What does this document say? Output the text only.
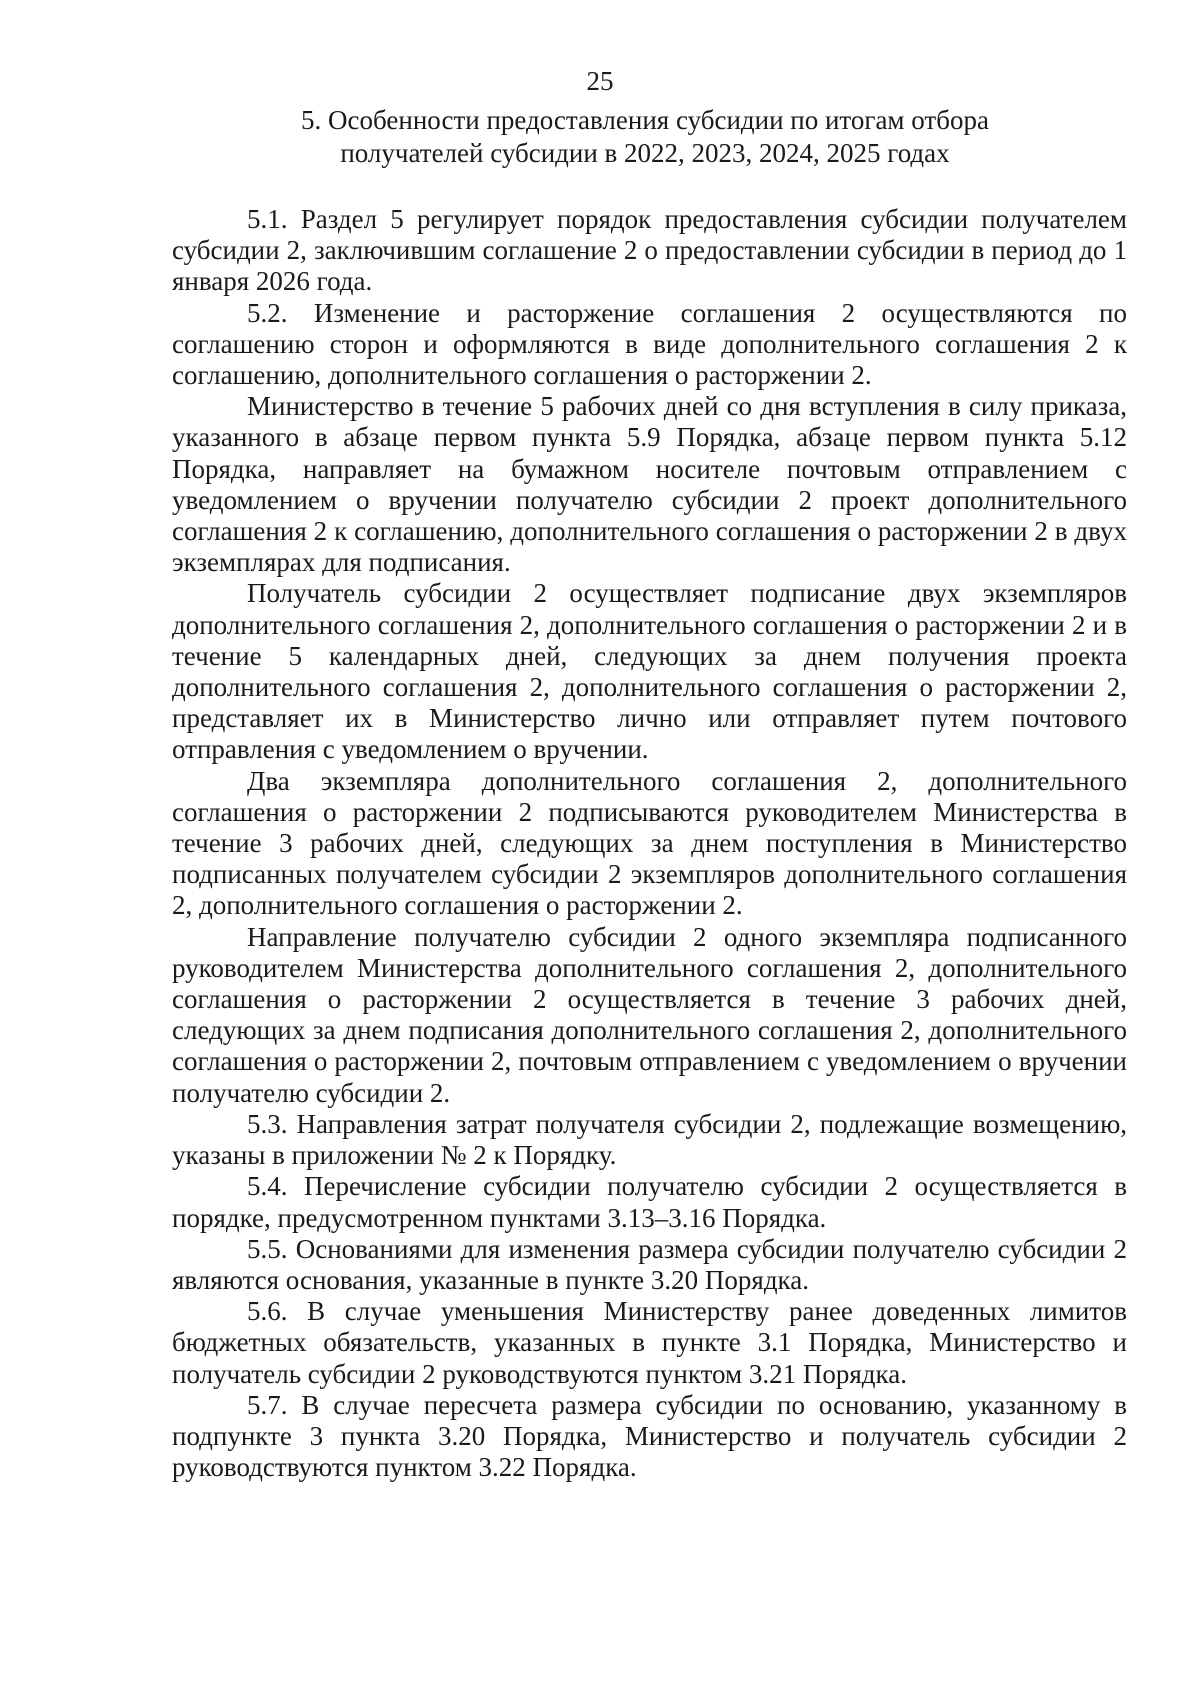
25
5. Особенности предоставления субсидии по итогам отбора
получателей субсидии в 2022, 2023, 2024, 2025 годах

5.1. Раздел 5 регулирует порядок предоставления субсидии получателем субсидии 2, заключившим соглашение 2 о предоставлении субсидии в период до 1 января 2026 года.

5.2. Изменение и расторжение соглашения 2 осуществляются по соглашению сторон и оформляются в виде дополнительного соглашения 2 к соглашению, дополнительного соглашения о расторжении 2.

Министерство в течение 5 рабочих дней со дня вступления в силу приказа, указанного в абзаце первом пункта 5.9 Порядка, абзаце первом пункта 5.12 Порядка, направляет на бумажном носителе почтовым отправлением с уведомлением о вручении получателю субсидии 2 проект дополнительного соглашения 2 к соглашению, дополнительного соглашения о расторжении 2 в двух экземплярах для подписания.

Получатель субсидии 2 осуществляет подписание двух экземпляров дополнительного соглашения 2, дополнительного соглашения о расторжении 2 и в течение 5 календарных дней, следующих за днем получения проекта дополнительного соглашения 2, дополнительного соглашения о расторжении 2, представляет их в Министерство лично или отправляет путем почтового отправления с уведомлением о вручении.

Два экземпляра дополнительного соглашения 2, дополнительного соглашения о расторжении 2 подписываются руководителем Министерства в течение 3 рабочих дней, следующих за днем поступления в Министерство подписанных получателем субсидии 2 экземпляров дополнительного соглашения 2, дополнительного соглашения о расторжении 2.

Направление получателю субсидии 2 одного экземпляра подписанного руководителем Министерства дополнительного соглашения 2, дополнительного соглашения о расторжении 2 осуществляется в течение 3 рабочих дней, следующих за днем подписания дополнительного соглашения 2, дополнительного соглашения о расторжении 2, почтовым отправлением с уведомлением о вручении получателю субсидии 2.

5.3. Направления затрат получателя субсидии 2, подлежащие возмещению, указаны в приложении № 2 к Порядку.

5.4. Перечисление субсидии получателю субсидии 2 осуществляется в порядке, предусмотренном пунктами 3.13–3.16 Порядка.

5.5. Основаниями для изменения размера субсидии получателю субсидии 2 являются основания, указанные в пункте 3.20 Порядка.

5.6. В случае уменьшения Министерству ранее доведенных лимитов бюджетных обязательств, указанных в пункте 3.1 Порядка, Министерство и получатель субсидии 2 руководствуются пунктом 3.21 Порядка.

5.7. В случае пересчета размера субсидии по основанию, указанному в подпункте 3 пункта 3.20 Порядка, Министерство и получатель субсидии 2 руководствуются пунктом 3.22 Порядка.
